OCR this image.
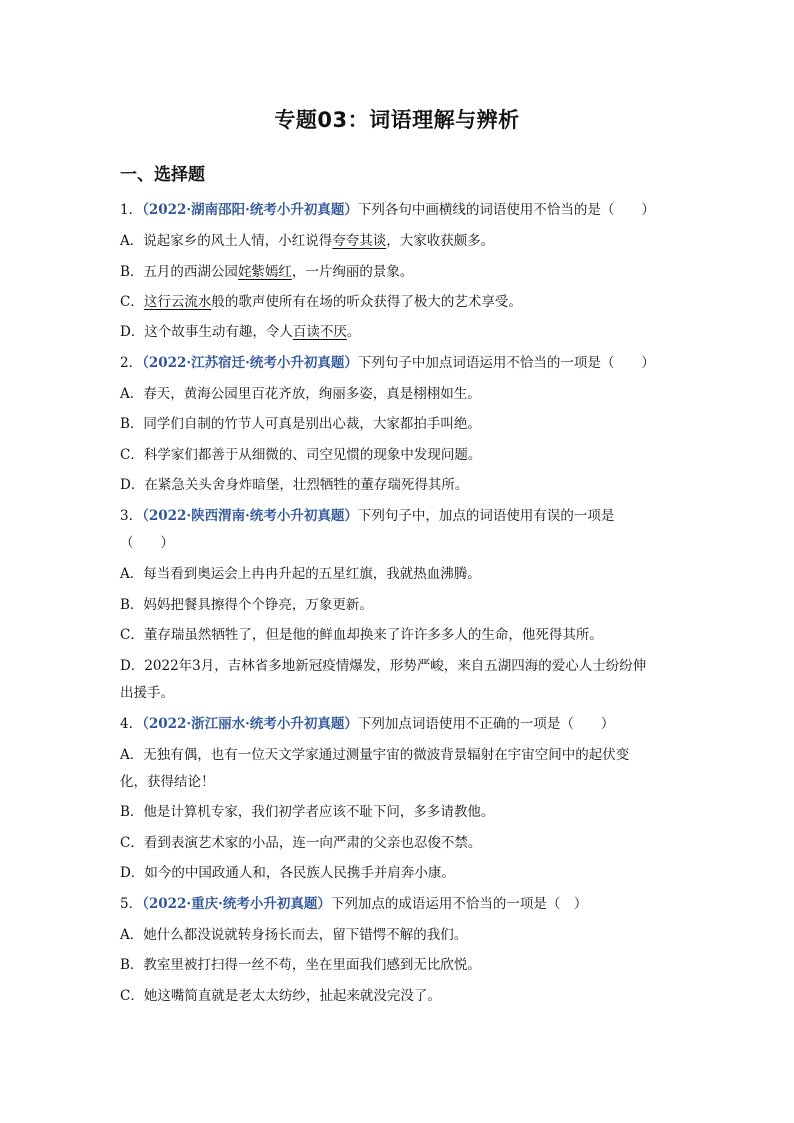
专题03：词语理解与辨析
一、选择题
1．（2022·湖南邵阳·统考小升初真题）下列各句中画横线的词语使用不恰当的是（　　）
A．说起家乡的风土人情，小红说得夸夸其谈，大家收获颇多。
B．五月的西湖公园姹紫嫣红，一片绚丽的景象。
C．这行云流水般的歌声使所有在场的听众获得了极大的艺术享受。
D．这个故事生动有趣，令人百读不厌。
2．（2022·江苏宿迁·统考小升初真题）下列句子中加点词语运用不恰当的一项是（　　）
A．春天，黄海公园里百花齐放，绚丽多姿，真是栩栩如生。
B．同学们自制的竹节人可真是别出心裁，大家都拍手叫绝。
C．科学家们都善于从细微的、司空见惯的现象中发现问题。
D．在紧急关头舍身炸暗堡，壮烈牺牲的董存瑞死得其所。
3．（2022·陕西渭南·统考小升初真题）下列句子中，加点的词语使用有误的一项是
（　　）
A．每当看到奥运会上冉冉升起的五星红旗，我就热血沸腾。
B．妈妈把餐具擦得个个铮亮，万象更新。
C．董存瑞虽然牺牲了，但是他的鲜血却换来了许许多多人的生命，他死得其所。
D．2022年3月，吉林省多地新冠疫情爆发，形势严峻，来自五湖四海的爱心人士纷纷伸
出援手。
4．（2022·浙江丽水·统考小升初真题）下列加点词语使用不正确的一项是（　　）
A．无独有偶，也有一位天文学家通过测量宇宙的微波背景辐射在宇宙空间中的起伏变
化，获得结论！
B．他是计算机专家，我们初学者应该不耻下问，多多请教他。
C．看到表演艺术家的小品，连一向严肃的父亲也忍俊不禁。
D．如今的中国政通人和，各民族人民携手并肩奔小康。
5．（2022·重庆·统考小升初真题）下列加点的成语运用不恰当的一项是（　）
A．她什么都没说就转身扬长而去，留下错愕不解的我们。
B．教室里被打扫得一丝不苟，坐在里面我们感到无比欣悦。
C．她这嘴简直就是老太太纺纱，扯起来就没完没了。
